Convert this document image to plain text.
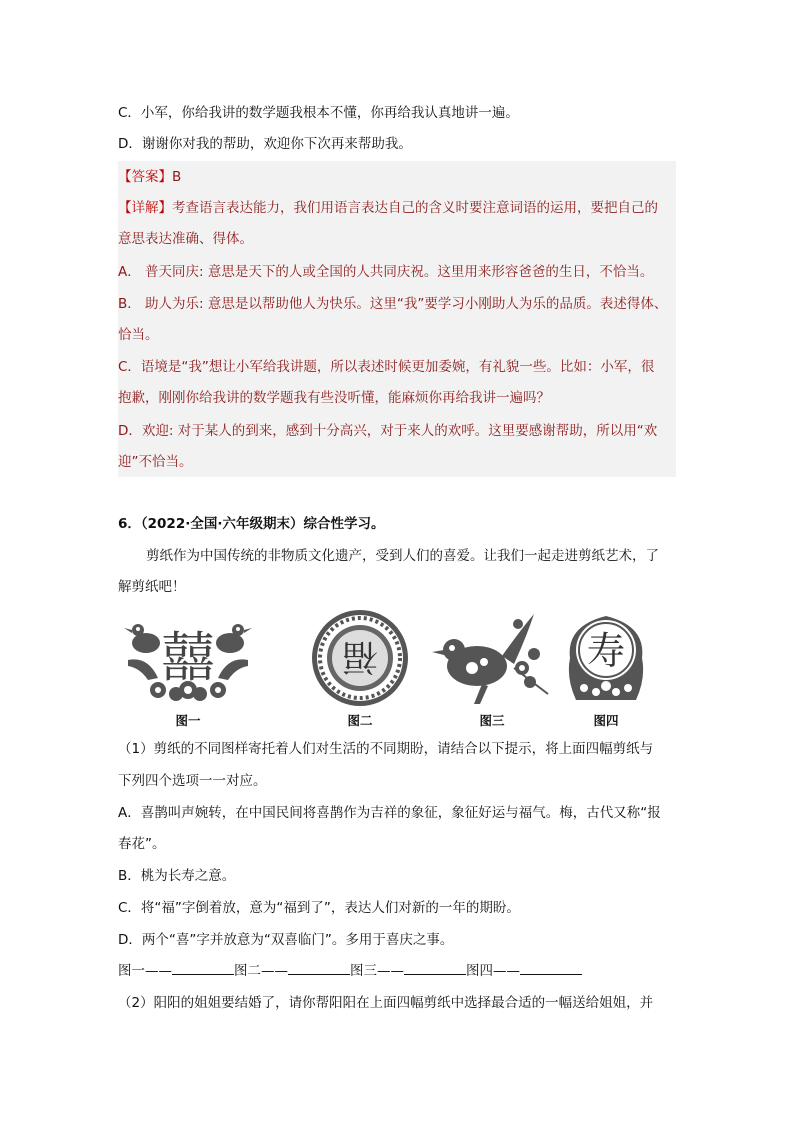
C．小军，你给我讲的数学题我根本不懂，你再给我认真地讲一遍。
D．谢谢你对我的帮助，欢迎你下次再来帮助我。
【答案】B
【详解】考查语言表达能力，我们用语言表达自己的含义时要注意词语的运用，要把自己的
意思表达准确、得体。
A． 普天同庆: 意思是天下的人或全国的人共同庆祝。这里用来形容爸爸的生日，不恰当。
B． 助人为乐: 意思是以帮助他人为快乐。这里“我”要学习小刚助人为乐的品质。表述得体、
恰当。
C．语境是“我”想让小军给我讲题，所以表述时候更加委婉，有礼貌一些。比如：小军，很
抱歉，刚刚你给我讲的数学题我有些没听懂，能麻烦你再给我讲一遍吗？
D．欢迎: 对于某人的到来，感到十分高兴，对于来人的欢呼。这里要感谢帮助，所以用“欢
迎”不恰当。
6．（2022·全国·六年级期末）综合性学习。
剪纸作为中国传统的非物质文化遗产，受到人们的喜爱。让我们一起走进剪纸艺术，了
解剪纸吧！
囍
图一
福
图二	图三
寿
图四
（1）剪纸的不同图样寄托着人们对生活的不同期盼，请结合以下提示，将上面四幅剪纸与
下列四个选项一一对应。
A．喜鹊叫声婉转，在中国民间将喜鹊作为吉祥的象征，象征好运与福气。梅，古代又称“报
春花”。
B．桃为长寿之意。
C．将“福”字倒着放，意为“福到了”，表达人们对新的一年的期盼。
D．两个“喜”字并放意为“双喜临门”。多用于喜庆之事。
图一——	图二——	图三——	图四——
（2）阳阳的姐姐要结婚了，请你帮阳阳在上面四幅剪纸中选择最合适的一幅送给姐姐，并
